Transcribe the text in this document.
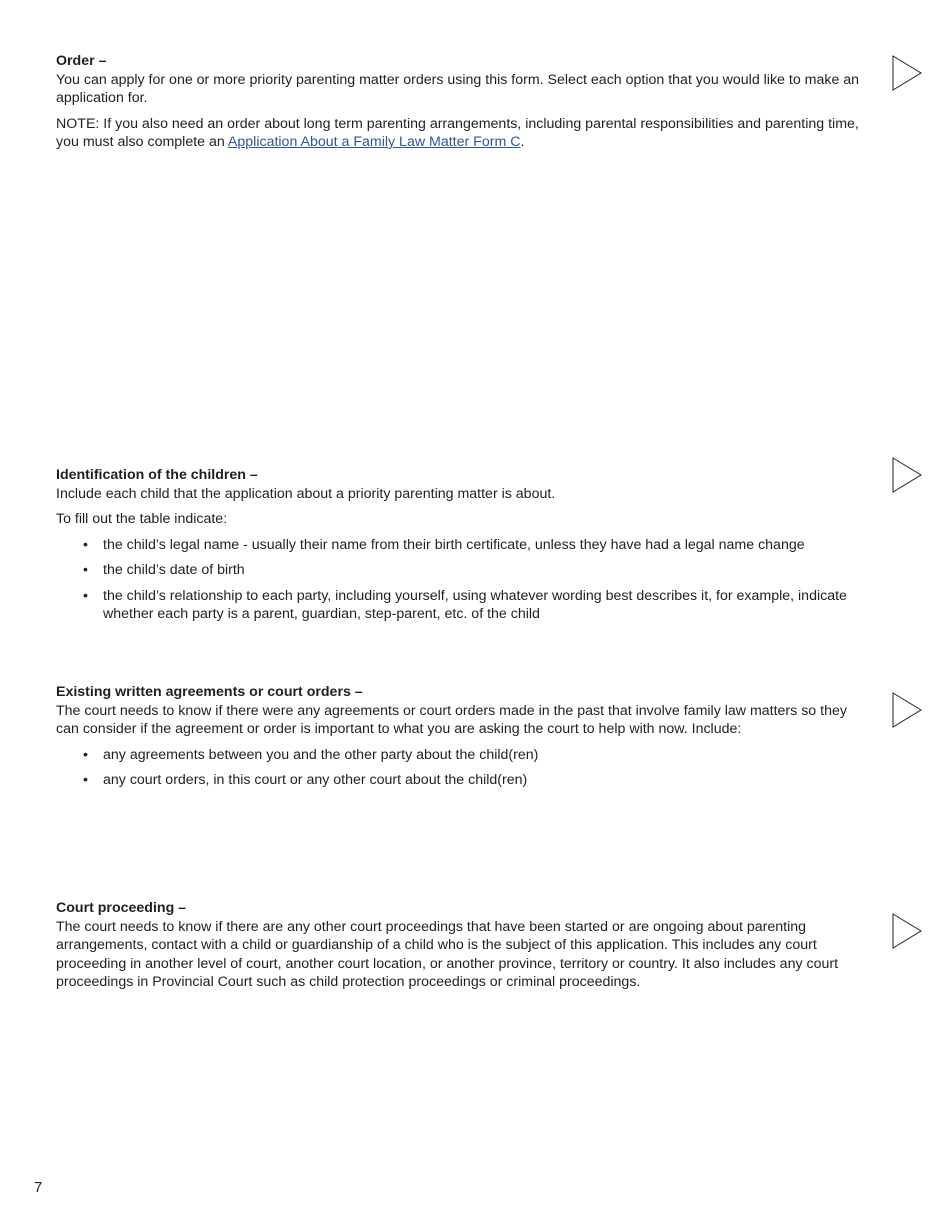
Order –

You can apply for one or more priority parenting matter orders using this form. Select each option that you would like to make an application for.

NOTE: If you also need an order about long term parenting arrangements, including parental responsibilities and parenting time, you must also complete an Application About a Family Law Matter Form C.

Identification of the children –

Include each child that the application about a priority parenting matter is about.

To fill out the table indicate:

• the child’s legal name - usually their name from their birth certificate, unless they have had a legal name change
• the child’s date of birth
• the child’s relationship to each party, including yourself, using whatever wording best describes it, for example, indicate whether each party is a parent, guardian, step-parent, etc. of the child

Existing written agreements or court orders –

The court needs to know if there were any agreements or court orders made in the past that involve family law matters so they can consider if the agreement or order is important to what you are asking the court to help with now. Include:

• any agreements between you and the other party about the child(ren)
• any court orders, in this court or any other court about the child(ren)

Court proceeding –

The court needs to know if there are any other court proceedings that have been started or are ongoing about parenting arrangements, contact with a child or guardianship of a child who is the subject of this application. This includes any court proceeding in another level of court, another court location, or another province, territory or country. It also includes any court proceedings in Provincial Court such as child protection proceedings or criminal proceedings.

7
